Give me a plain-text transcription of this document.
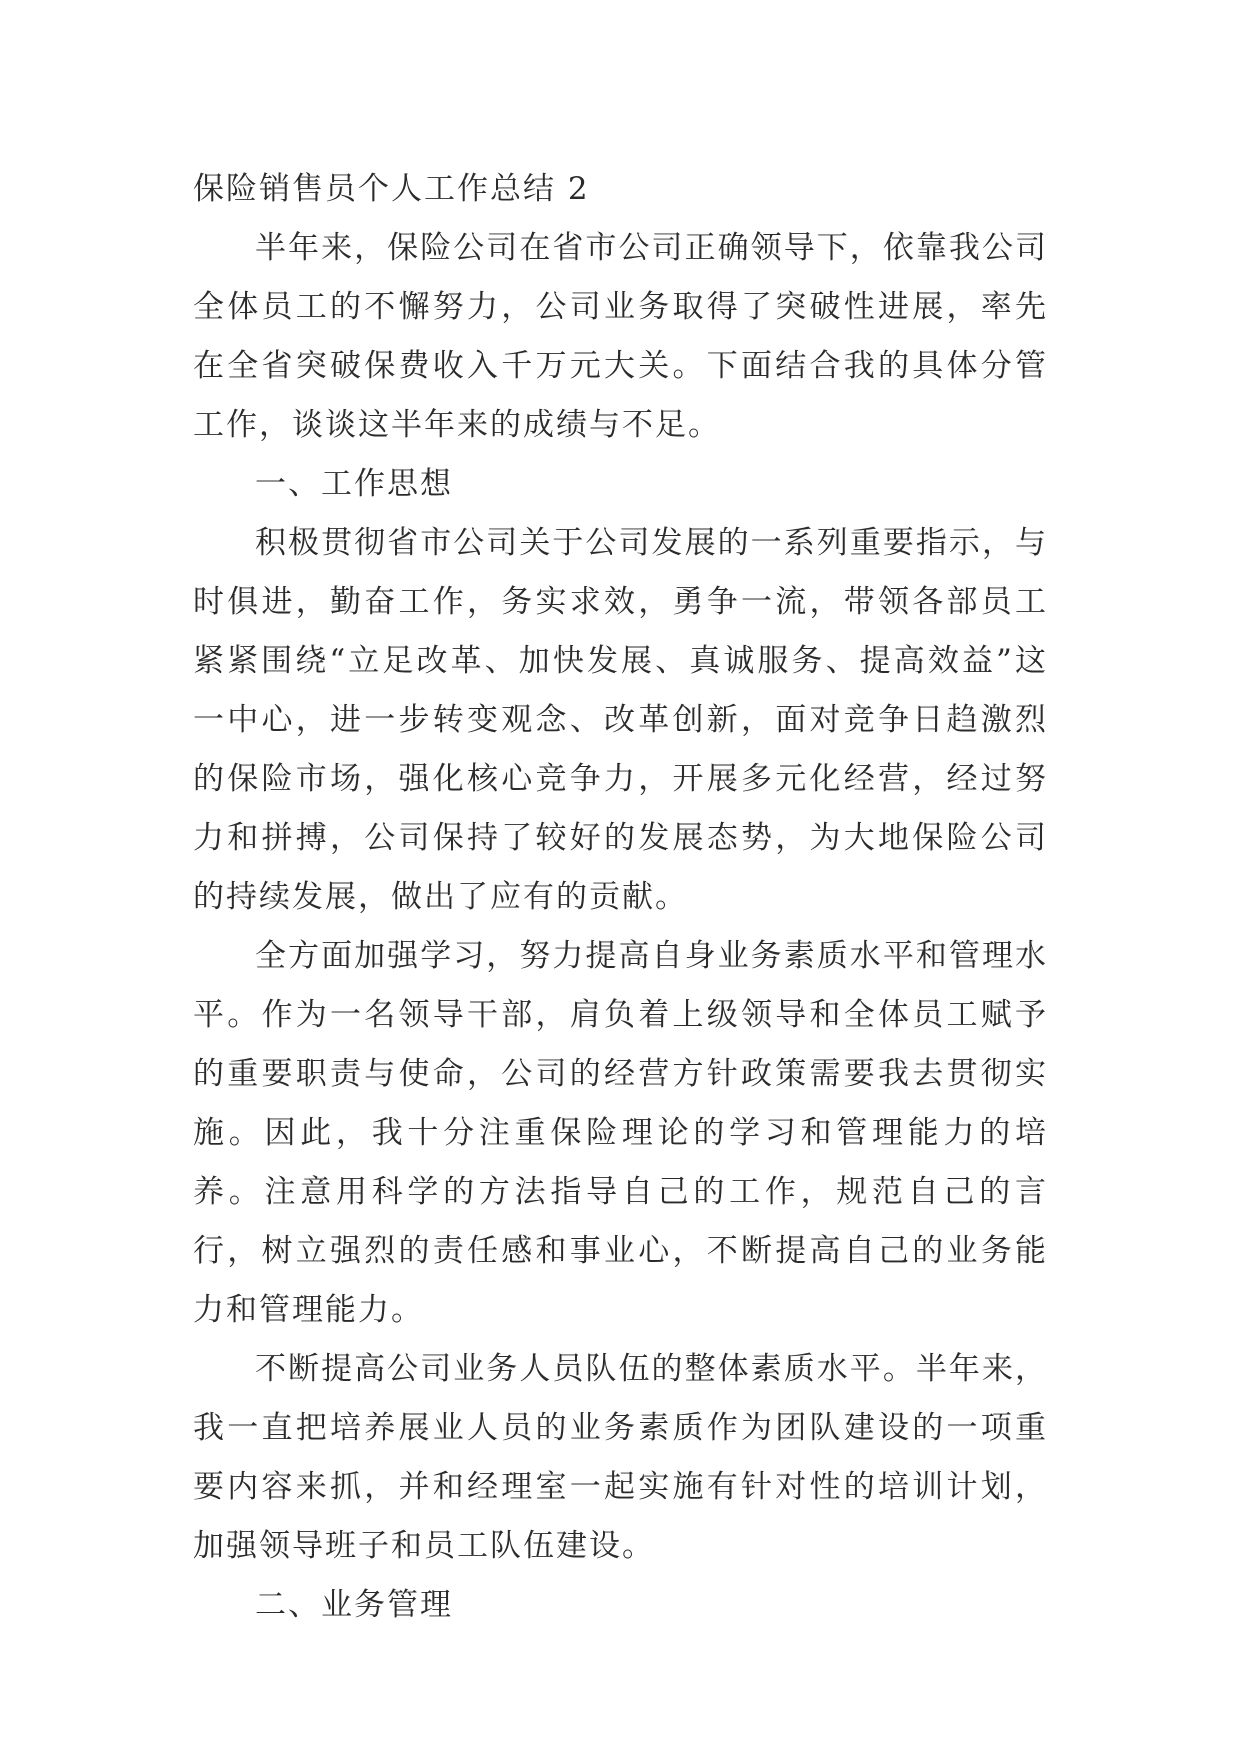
保险销售员个人工作总结 2

半年来，保险公司在省市公司正确领导下，依靠我公司全体员工的不懈努力，公司业务取得了突破性进展，率先在全省突破保费收入千万元大关。下面结合我的具体分管工作，谈谈这半年来的成绩与不足。

一、工作思想

积极贯彻省市公司关于公司发展的一系列重要指示，与时俱进，勤奋工作，务实求效，勇争一流，带领各部员工紧紧围绕“立足改革、加快发展、真诚服务、提高效益”这一中心，进一步转变观念、改革创新，面对竞争日趋激烈的保险市场，强化核心竞争力，开展多元化经营，经过努力和拼搏，公司保持了较好的发展态势，为大地保险公司的持续发展，做出了应有的贡献。

全方面加强学习，努力提高自身业务素质水平和管理水平。作为一名领导干部，肩负着上级领导和全体员工赋予的重要职责与使命，公司的经营方针政策需要我去贯彻实施。因此，我十分注重保险理论的学习和管理能力的培养。注意用科学的方法指导自己的工作，规范自己的言行，树立强烈的责任感和事业心，不断提高自己的业务能力和管理能力。

不断提高公司业务人员队伍的整体素质水平。半年来，我一直把培养展业人员的业务素质作为团队建设的一项重要内容来抓，并和经理室一起实施有针对性的培训计划，加强领导班子和员工队伍建设。

二、业务管理
